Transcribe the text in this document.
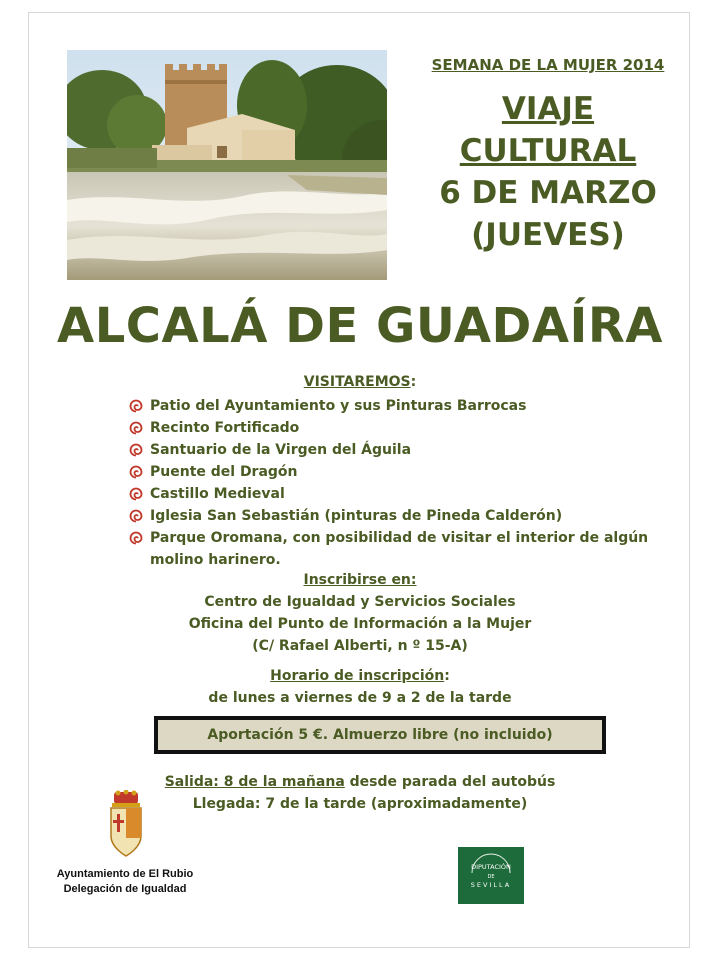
SEMANA DE LA MUJER 2014
VIAJE
CULTURAL
6 DE MARZO
(JUEVES)
ALCALÁ DE GUADAÍRA
VISITAREMOS:
Patio del Ayuntamiento y sus Pinturas Barrocas
Recinto Fortificado
Santuario de la Virgen del Águila
Puente del Dragón
Castillo Medieval
Iglesia San Sebastián (pinturas de Pineda Calderón)
Parque Oromana, con posibilidad de visitar el interior de algún molino harinero.
Inscribirse en:
Centro de Igualdad y Servicios Sociales
Oficina del Punto de Información a la Mujer
(C/ Rafael Alberti, n º 15-A)
Horario de inscripción:
de lunes a viernes de 9 a 2 de la tarde
Aportación 5 €. Almuerzo libre (no incluido)
Salida: 8 de la mañana desde parada del autobús
Llegada: 7 de la tarde (aproximadamente)
Ayuntamiento de El Rubio
Delegación de Igualdad
DIPUTACIÓN
DE
SEVILLA
